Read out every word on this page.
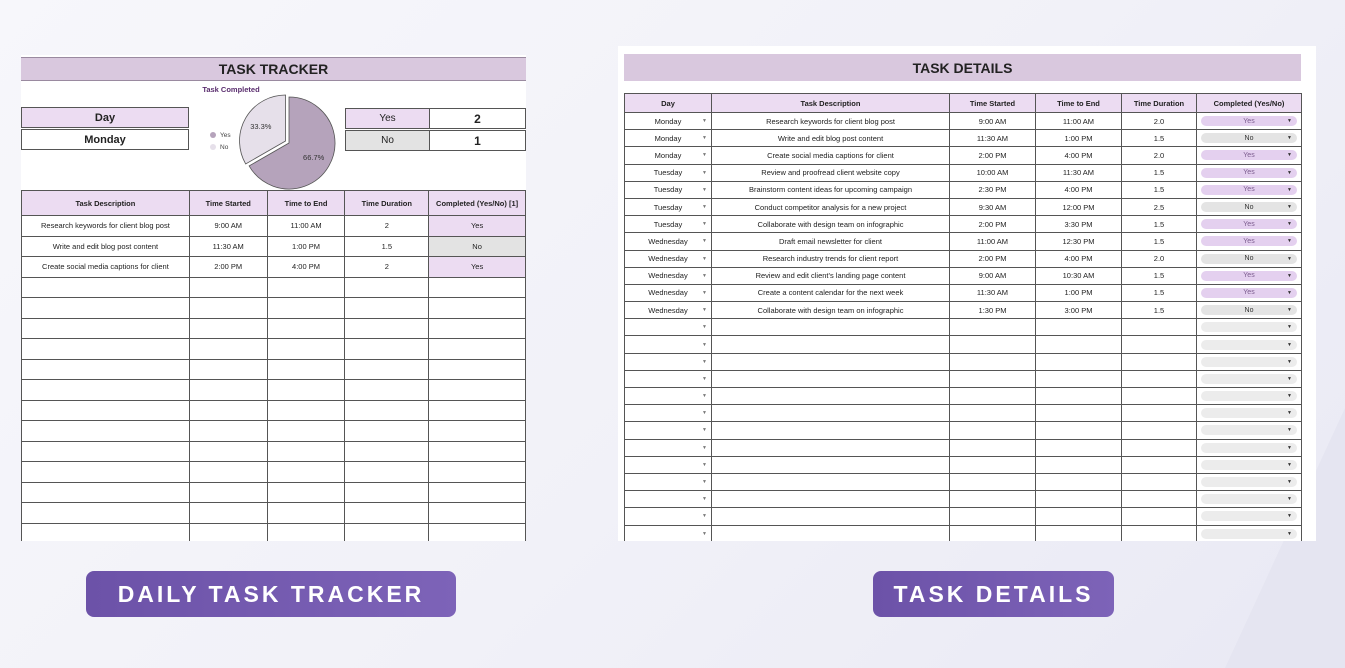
TASK TRACKER
Day
Monday
Task Completed
Yes
No
33.3%
66.7%
Yes	2
No	1
Task Description	Time Started	Time to End	Time Duration	Completed (Yes/No) [1]
Research keywords for client blog post	9:00 AM	11:00 AM	2	Yes
Write and edit blog post content	11:30 AM	1:00 PM	1.5	No
Create social media captions for client	2:00 PM	4:00 PM	2	Yes

TASK DETAILS
Day	Task Description	Time Started	Time to End	Time Duration	Completed (Yes/No)
Monday ▼	Research keywords for client blog post	9:00 AM	11:00 AM	2.0	Yes ▼

Monday ▼	Write and edit blog post content	11:30 AM	1:00 PM	1.5	No ▼

Monday ▼	Create social media captions for client	2:00 PM	4:00 PM	2.0	Yes ▼

Tuesday ▼	Review and proofread client website copy	10:00 AM	11:30 AM	1.5	Yes ▼

Tuesday ▼	Brainstorm content ideas for upcoming campaign	2:30 PM	4:00 PM	1.5	Yes ▼

Tuesday ▼	Conduct competitor analysis for a new project	9:30 AM	12:00 PM	2.5	No ▼

Tuesday ▼	Collaborate with design team on infographic	2:00 PM	3:30 PM	1.5	Yes ▼

Wednesday ▼	Draft email newsletter for client	11:00 AM	12:30 PM	1.5	Yes ▼

Wednesday ▼	Research industry trends for client report	2:00 PM	4:00 PM	2.0	No ▼

Wednesday ▼	Review and edit client's landing page content	9:00 AM	10:30 AM	1.5	Yes ▼

Wednesday ▼	Create a content calendar for the next week	11:30 AM	1:00 PM	1.5	Yes ▼

Wednesday ▼	Collaborate with design team on infographic	1:30 PM	3:00 PM	1.5	No ▼

▼					▼

▼					▼

▼					▼

▼					▼

▼					▼

▼					▼

▼					▼

▼					▼

▼					▼

▼					▼

▼					▼

▼					▼

▼					▼
DAILY TASK TRACKER	TASK DETAILS
